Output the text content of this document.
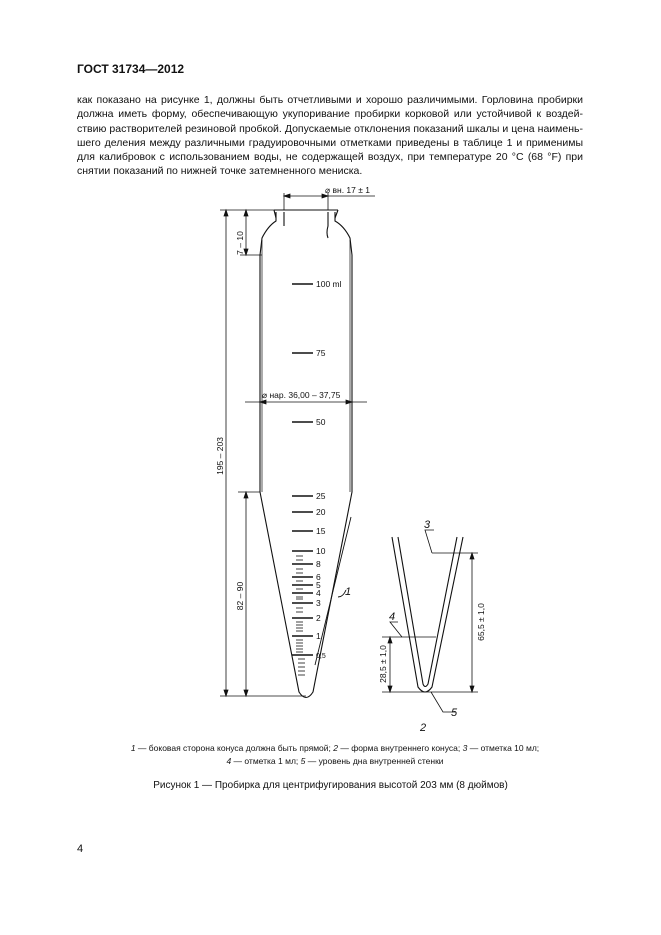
ГОСТ 31734—2012
как показано на рисунке 1, должны быть отчетливыми и хорошо различимыми. Горловина пробирки
должна иметь форму, обеспечивающую укупоривание пробирки корковой или устойчивой к воздей-
ствию растворителей резиновой пробкой. Допускаемые отклонения показаний шкалы и цена наимень-
шего деления между различными градуировочными отметками приведены в таблице 1 и применимы
для калибровок с использованием воды, не содержащей воздух, при температуре 20 °C (68 °F) при
снятии показаний по нижней точке затемненного мениска.
100 ml
75
50
25
20
15
10
8
6
5
4
3
2
1
0,5
⌀ вн. 17 ± 1
⌀ нар. 36,00 – 37,75
195 – 203
7 – 10
82 – 90	1
65,5 ± 1,0
28,5 ± 1,0
3
4
5
2
1 — боковая сторона конуса должна быть прямой; 2 — форма внутреннего конуса; 3 — отметка 10 мл;
4 — отметка 1 мл; 5 — уровень дна внутренней стенки
Рисунок 1 — Пробирка для центрифугирования высотой 203 мм (8 дюймов)
4
